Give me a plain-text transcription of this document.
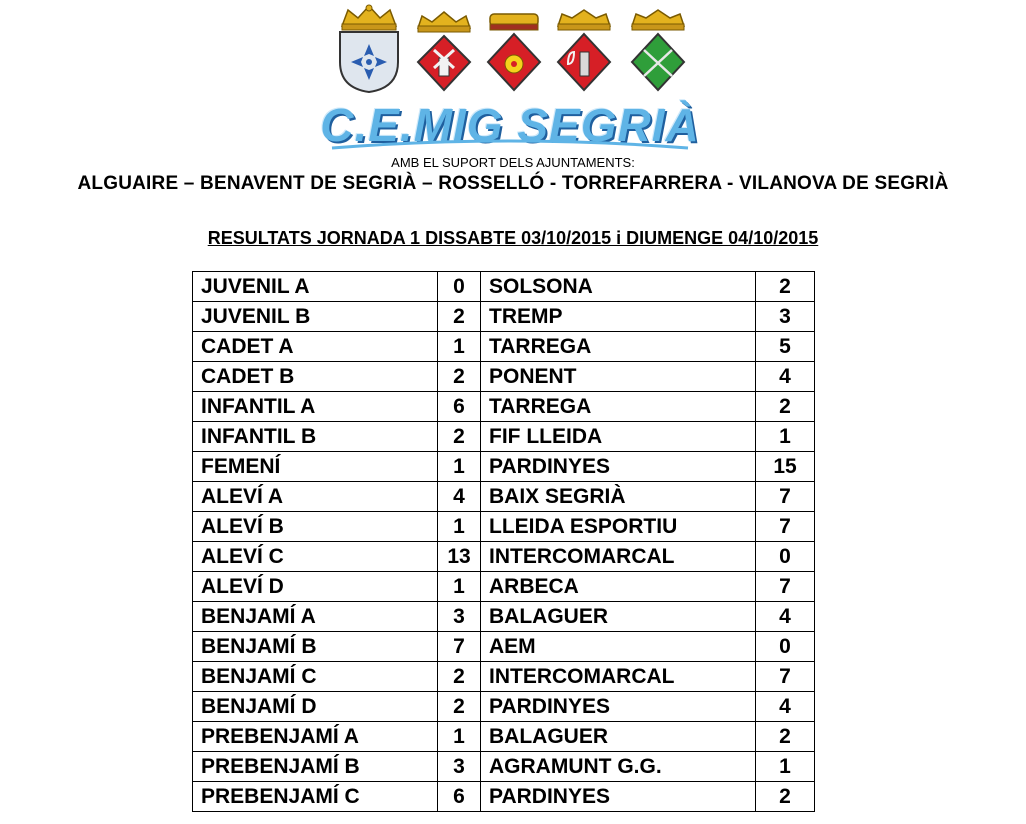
C.E.MIG SEGRIÀ
AMB EL SUPORT DELS AJUNTAMENTS:
ALGUAIRE – BENAVENT DE SEGRIÀ – ROSSELLÓ - TORREFARRERA - VILANOVA DE SEGRIÀ
RESULTATS JORNADA 1 DISSABTE 03/10/2015 i DIUMENGE 04/10/2015
JUVENIL A	0	SOLSONA	2
JUVENIL B	2	TREMP	3
CADET A	1	TARREGA	5
CADET B	2	PONENT	4
INFANTIL A	6	TARREGA	2
INFANTIL B	2	FIF LLEIDA	1
FEMENÍ	1	PARDINYES	15
ALEVÍ A	4	BAIX SEGRIÀ	7
ALEVÍ B	1	LLEIDA ESPORTIU	7
ALEVÍ C	13	INTERCOMARCAL	0
ALEVÍ D	1	ARBECA	7
BENJAMÍ A	3	BALAGUER	4
BENJAMÍ B	7	AEM	0
BENJAMÍ C	2	INTERCOMARCAL	7
BENJAMÍ D	2	PARDINYES	4
PREBENJAMÍ A	1	BALAGUER	2
PREBENJAMÍ B	3	AGRAMUNT G.G.	1
PREBENJAMÍ C	6	PARDINYES	2
